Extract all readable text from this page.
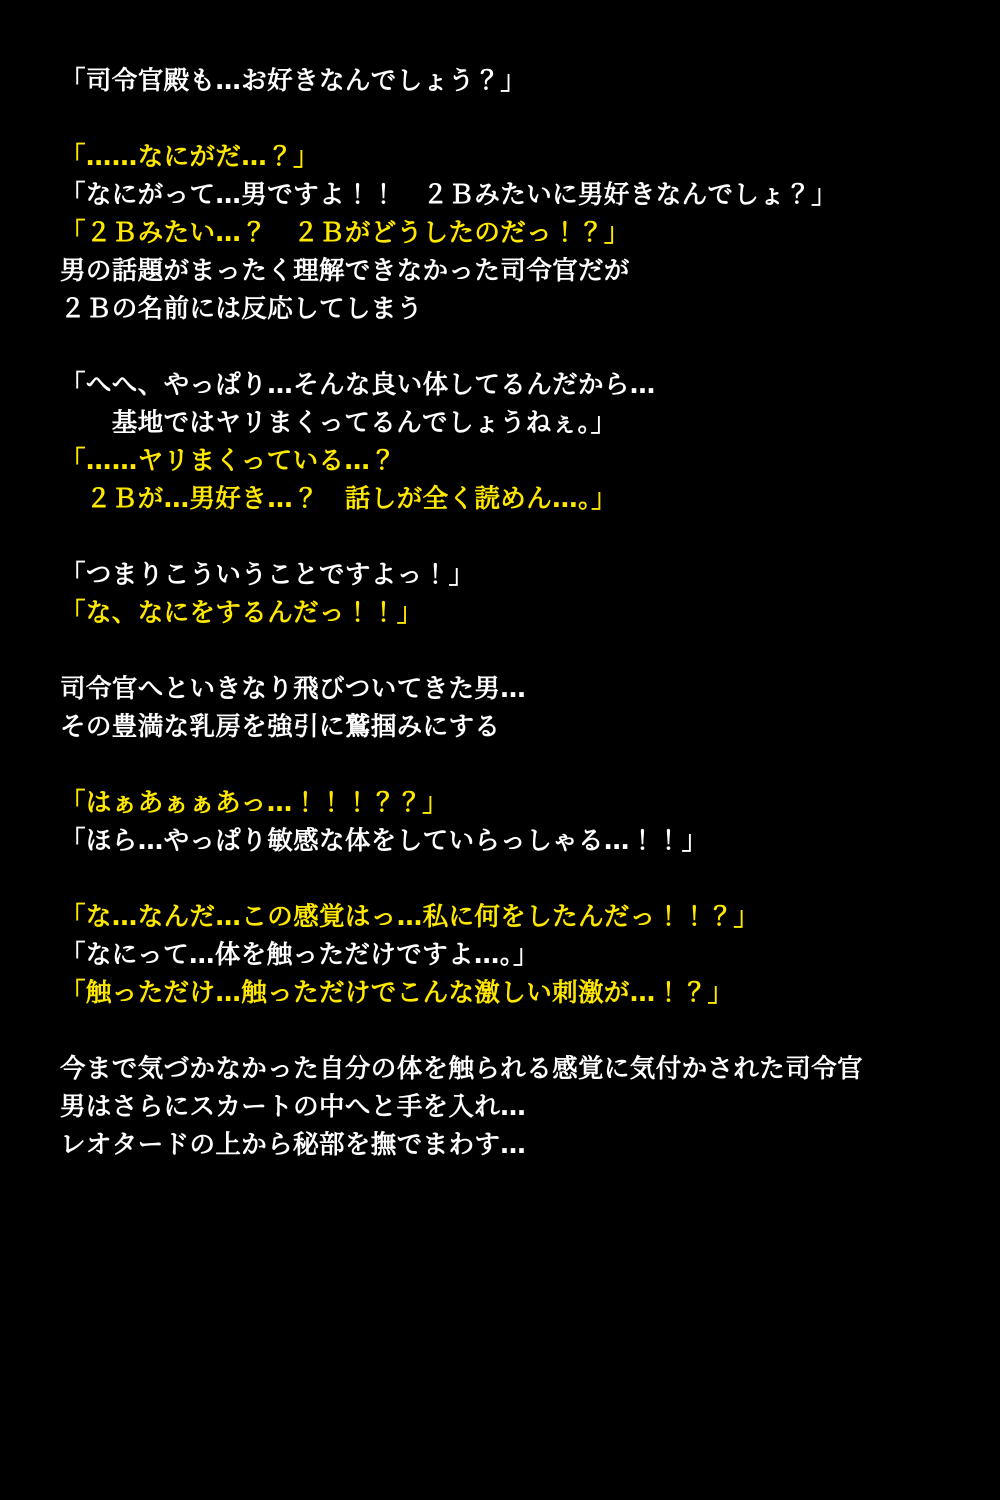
「司令官殿も…お好きなんでしょう？」
「……なにがだ…？」
「なにがって…男ですよ！！　２Ｂみたいに男好きなんでしょ？」
「２Ｂみたい…？　２Ｂがどうしたのだっ！？」
男の話題がまったく理解できなかった司令官だが
２Ｂの名前には反応してしまう
「へへ、やっぱり…そんな良い体してるんだから…
　　基地ではヤリまくってるんでしょうねぇ。」
「……ヤリまくっている…？
　２Ｂが…男好き…？　話しが全く読めん…。」
「つまりこういうことですよっ！」
「な、なにをするんだっ！！」
司令官へといきなり飛びついてきた男…
その豊満な乳房を強引に鷲掴みにする
「はぁあぁぁあっ…！！！？？」
「ほら…やっぱり敏感な体をしていらっしゃる…！！」
「な…なんだ…この感覚はっ…私に何をしたんだっ！！？」
「なにって…体を触っただけですよ…。」
「触っただけ…触っただけでこんな激しい刺激が…！？」
今まで気づかなかった自分の体を触られる感覚に気付かされた司令官
男はさらにスカートの中へと手を入れ…
レオタードの上から秘部を撫でまわす…
